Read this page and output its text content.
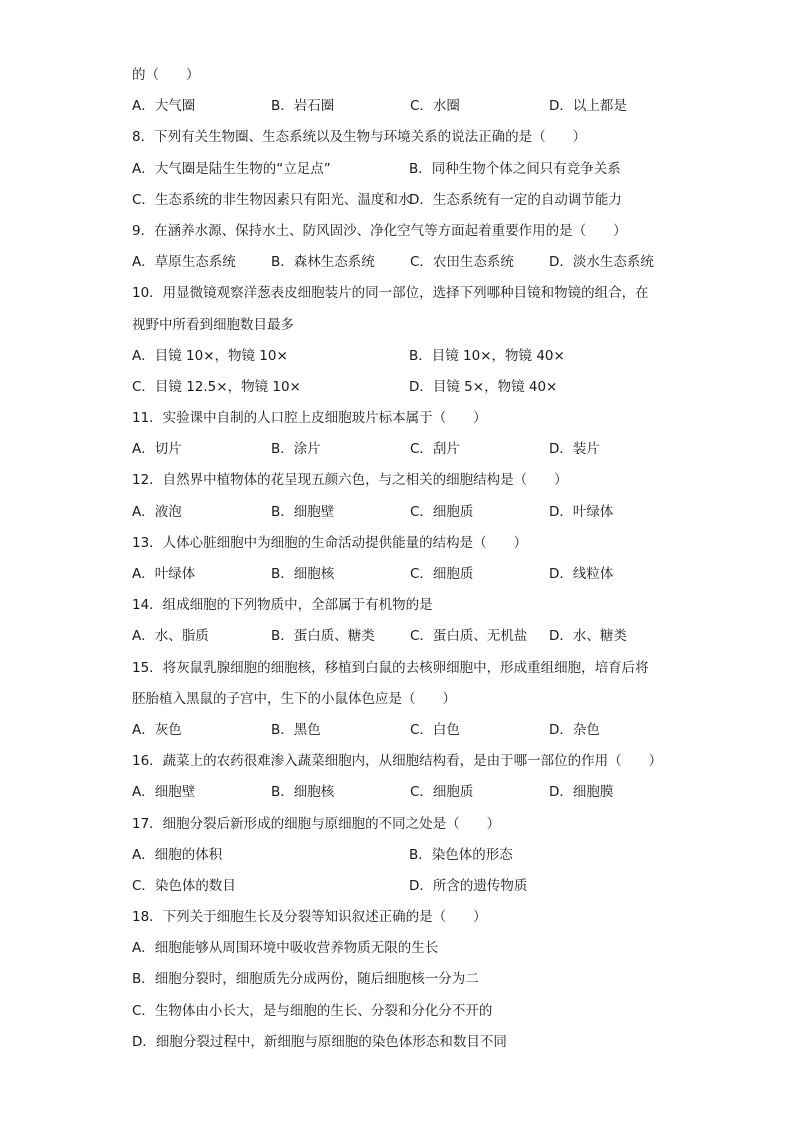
的（　　）
A．大气圈	B．岩石圈	C．水圈	D．以上都是
8．下列有关生物圈、生态系统以及生物与环境关系的说法正确的是（　　）
A．大气圈是陆生生物的“立足点”	B．同种生物个体之间只有竞争关系
C．生态系统的非生物因素只有阳光、温度和水
D．生态系统有一定的自动调节能力
9．在涵养水源、保持水土、防风固沙、净化空气等方面起着重要作用的是（　　）
A．草原生态系统	B．森林生态系统	C．农田生态系统	D．淡水生态系统
10．用显微镜观察洋葱表皮细胞装片的同一部位，选择下列哪种目镜和物镜的组合，在
视野中所看到细胞数目最多
A．目镜 10×，物镜 10×	B．目镜 10×，物镜 40×
C．目镜 12.5×，物镜 10×	D．目镜 5×，物镜 40×
11．实验课中自制的人口腔上皮细胞玻片标本属于（　　）
A．切片	B．涂片	C．刮片	D．装片
12．自然界中植物体的花呈现五颜六色，与之相关的细胞结构是（　　）
A．液泡	B．细胞壁	C．细胞质	D．叶绿体
13．人体心脏细胞中为细胞的生命活动提供能量的结构是（　　）
A．叶绿体	B．细胞核	C．细胞质	D．线粒体
14．组成细胞的下列物质中，全部属于有机物的是
A．水、脂质	B．蛋白质、糖类	C．蛋白质、无机盐	D．水、糖类
15．将灰鼠乳腺细胞的细胞核，移植到白鼠的去核卵细胞中，形成重组细胞，培育后将
胚胎植入黑鼠的子宫中，生下的小鼠体色应是（　　）
A．灰色	B．黑色	C．白色	D．杂色
16．蔬菜上的农药很难渗入蔬菜细胞内，从细胞结构看，是由于哪一部位的作用（　　）
A．细胞壁	B．细胞核	C．细胞质	D．细胞膜
17．细胞分裂后新形成的细胞与原细胞的不同之处是（　　）
A．细胞的体积	B．染色体的形态
C．染色体的数目	D．所含的遗传物质
18．下列关于细胞生长及分裂等知识叙述正确的是（　　）
A．细胞能够从周围环境中吸收营养物质无限的生长
B．细胞分裂时，细胞质先分成两份，随后细胞核一分为二
C．生物体由小长大，是与细胞的生长、分裂和分化分不开的
D．细胞分裂过程中，新细胞与原细胞的染色体形态和数目不同
